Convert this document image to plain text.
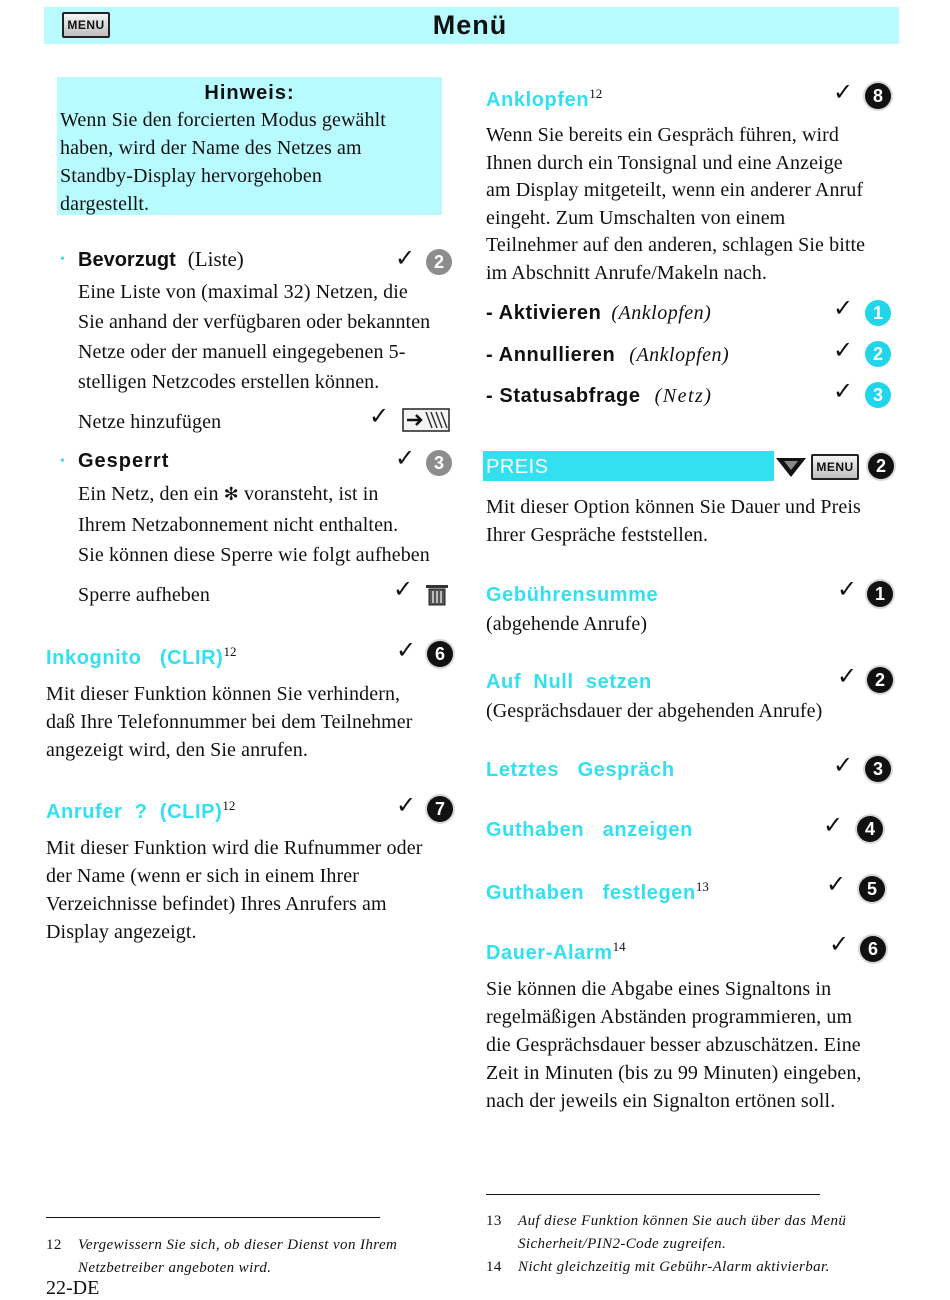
MENU	Menü
Hinweis:
Wenn Sie den forcierten Modus gewählt
haben, wird der Name des Netzes am
Standby-Display hervorgehoben
dargestellt.
• Bevorzugt (Liste)	✓	2
Eine Liste von (maximal 32) Netzen, die
Sie anhand der verfügbaren oder bekannten
Netze oder der manuell eingegebenen 5-
stelligen Netzcodes erstellen können.
Netze hinzufügen	✓
• Gesperrt	✓	3
Ein Netz, den ein ✻ voransteht, ist in
Ihrem Netzabonnement nicht enthalten.
Sie können diese Sperre wie folgt aufheben
Sperre aufheben	✓
Inkognito   (CLIR)$^{12}$	✓	6
Mit dieser Funktion können Sie verhindern,
daß Ihre Telefonnummer bei dem Teilnehmer
angezeigt wird, den Sie anrufen.
Anrufer  ?  (CLIP)$^{12}$	✓	7
Mit dieser Funktion wird die Rufnummer oder
der Name (wenn er sich in einem Ihrer
Verzeichnisse befindet) Ihres Anrufers am
Display angezeigt.
Anklopfen$^{12}$	✓	8
Wenn Sie bereits ein Gespräch führen, wird
Ihnen durch ein Tonsignal und eine Anzeige
am Display mitgeteilt, wenn ein anderer Anruf
eingeht. Zum Umschalten von einem
Teilnehmer auf den anderen, schlagen Sie bitte
im Abschnitt Anrufe/Makeln nach.
- Aktivieren (Anklopfen)	✓	1
- Annullieren (Anklopfen)	✓	2
- Statusabfrage (Netz)	✓	3
PREIS	MENU	2
Mit dieser Option können Sie Dauer und Preis
Ihrer Gespräche feststellen.
Gebührensumme	✓ 1
(abgehende Anrufe)
Auf  Null  setzen	✓ 2
(Gesprächsdauer der abgehenden Anrufe)
Letztes   Gespräch	✓	3
Guthaben   anzeigen	✓	4
Guthaben   festlegen$^{13}$	✓	5
Dauer-Alarm$^{14}$	✓	6
Sie können die Abgabe eines Signaltons in
regelmäßigen Abständen programmieren, um
die Gesprächsdauer besser abzuschätzen. Eine
Zeit in Minuten (bis zu 99 Minuten) eingeben,
nach der jeweils ein Signalton ertönen soll.
12 Vergewissern Sie sich, ob dieser Dienst von Ihrem
Netzbetreiber angeboten wird.
13 Auf diese Funktion können Sie auch über das Menü
Sicherheit/PIN2-Code zugreifen.
14 Nicht gleichzeitig mit Gebühr-Alarm aktivierbar.
22-DE
